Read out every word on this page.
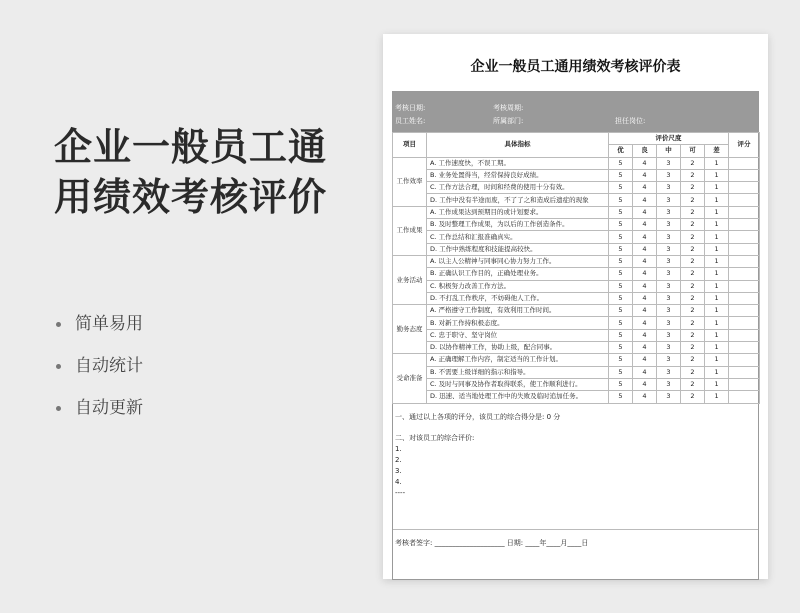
企业一般员工通
用绩效考核评价
简单易用
自动统计
自动更新
企业一般员工通用绩效考核评价表
考核日期:	考核周期:
员工姓名:	所属部门:	担任岗位:
项目	具体指标	评价尺度					评分
		优	良	中	可	差	
工作效率	A. 工作速度快，不误工期。	5	4	3	2	1	
	B. 业务处置得当，经常保持良好成绩。	5	4	3	2	1	
	C. 工作方法合理，时间和经费的使用十分有效。	5	4	3	2	1	
	D. 工作中没有半途而废，不了了之和造成后遗症的现象	5	4	3	2	1	
工作成果	A. 工作成果达到预期目的或计划要求。	5	4	3	2	1	
	B. 及时整理工作成果，为以后的工作创造条件。	5	4	3	2	1	
	C. 工作总结和汇报准确真实。	5	4	3	2	1	
	D. 工作中熟练程度和技能提高较快。	5	4	3	2	1	
业务活动	A. 以主人公精神与同事同心协力努力工作。	5	4	3	2	1	
	B. 正确认识工作目的，正确处理业务。	5	4	3	2	1	
	C. 积极努力改善工作方法。	5	4	3	2	1	
	D. 不打乱工作秩序，不妨碍他人工作。	5	4	3	2	1	
勤务态度	A. 严格遵守工作制度，有效利用工作时间。	5	4	3	2	1	
	B. 对新工作持积极态度。	5	4	3	2	1	
	C. 忠于职守、坚守岗位	5	4	3	2	1	
	D. 以协作精神工作，协助上级，配合同事。	5	4	3	2	1	
受命准备	A. 正确理解工作内容，制定适当的工作计划。	5	4	3	2	1	
	B. 不需要上级详细的指示和指导。	5	4	3	2	1	
	C. 及时与同事及协作者取得联系，使工作顺利进行。	5	4	3	2	1	
	D. 迅速、适当地处理工作中的失败及临时追加任务。	5	4	3	2	1	
一、通过以上各项的评分，该员工的综合得分是: 0 分
二、对该员工的综合评价:
1.
2.
3.
4.
----
考核者签字: ____________________ 日期: ____年____月____日
